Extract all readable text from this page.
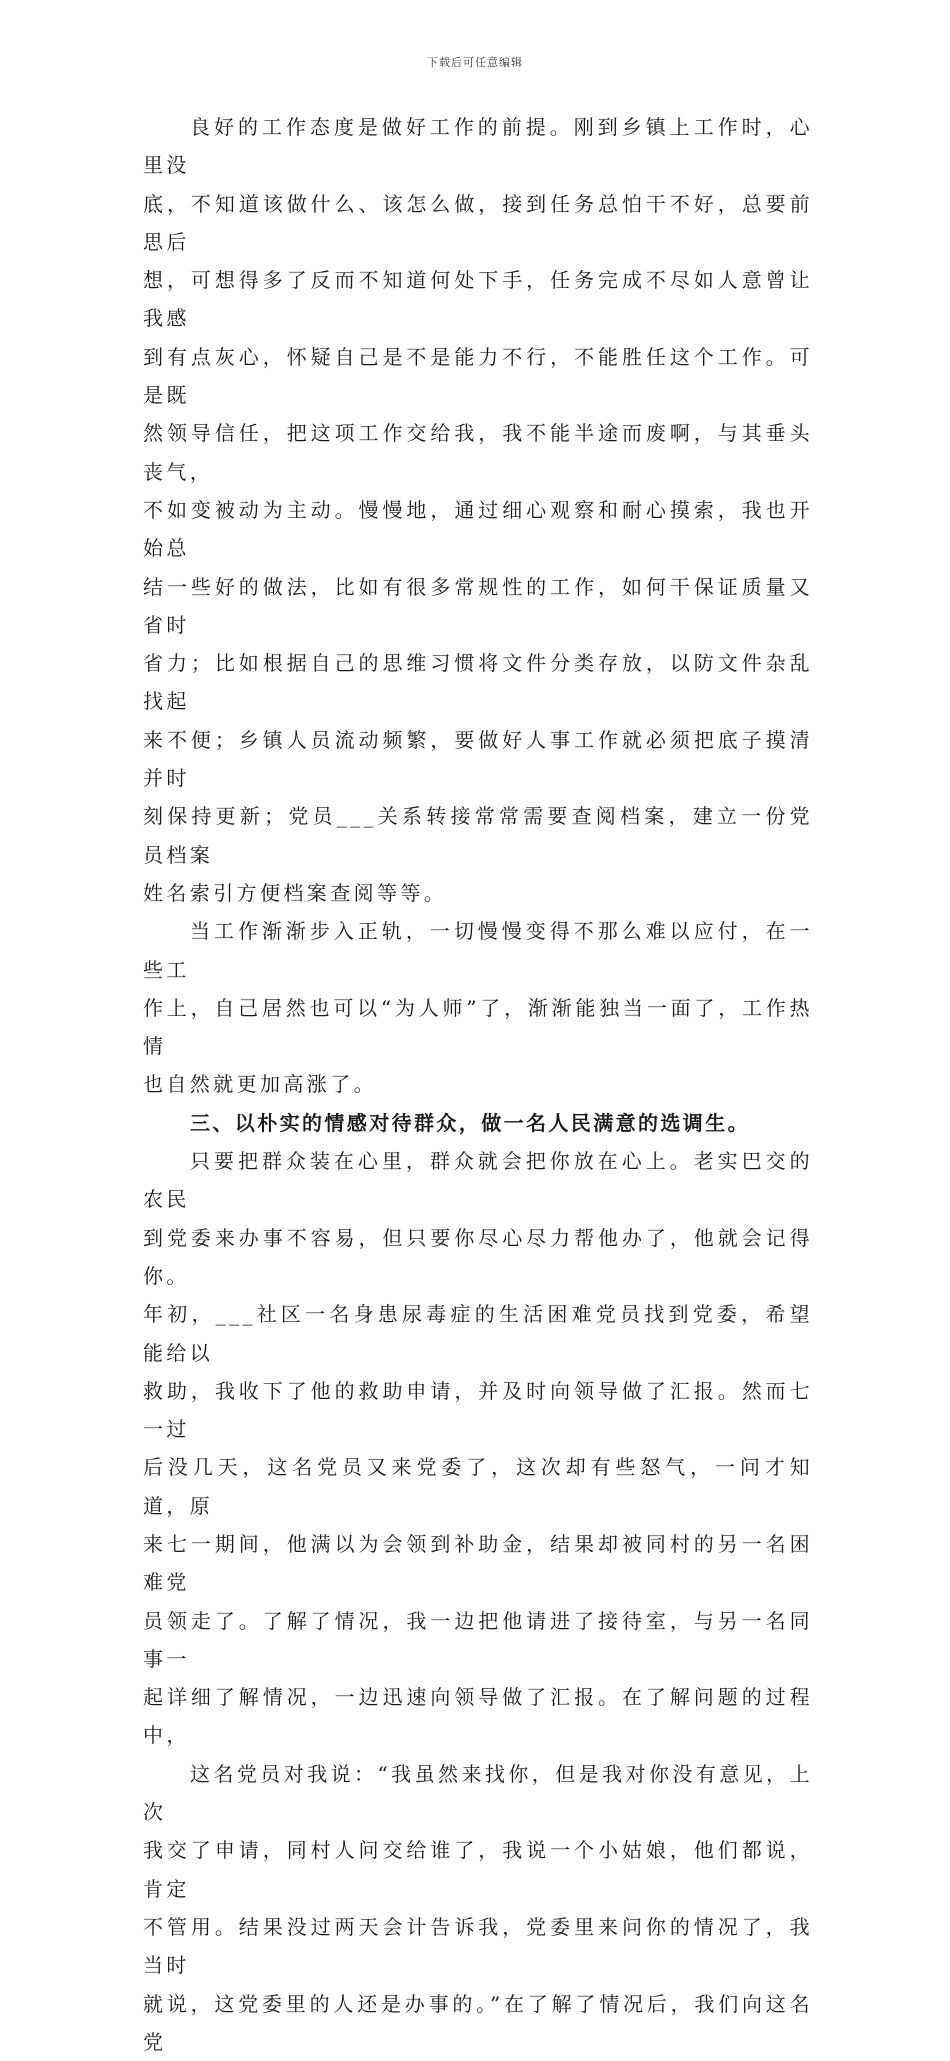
下载后可任意编辑

良好的工作态度是做好工作的前提。刚到乡镇上工作时，心里没
底，不知道该做什么、该怎么做，接到任务总怕干不好，总要前思后
想，可想得多了反而不知道何处下手，任务完成不尽如人意曾让我感
到有点灰心，怀疑自己是不是能力不行，不能胜任这个工作。可是既
然领导信任，把这项工作交给我，我不能半途而废啊，与其垂头丧气，
不如变被动为主动。慢慢地，通过细心观察和耐心摸索，我也开始总
结一些好的做法，比如有很多常规性的工作，如何干保证质量又省时
省力；比如根据自己的思维习惯将文件分类存放，以防文件杂乱找起
来不便；乡镇人员流动频繁，要做好人事工作就必须把底子摸清并时
刻保持更新；党员___关系转接常常需要查阅档案，建立一份党员档案
姓名索引方便档案查阅等等。

当工作渐渐步入正轨，一切慢慢变得不那么难以应付，在一些工
作上，自己居然也可以“为人师”了，渐渐能独当一面了，工作热情
也自然就更加高涨了。

三、以朴实的情感对待群众，做一名人民满意的选调生。

只要把群众装在心里，群众就会把你放在心上。老实巴交的农民
到党委来办事不容易，但只要你尽心尽力帮他办了，他就会记得你。
年初，___社区一名身患尿毒症的生活困难党员找到党委，希望能给以
救助，我收下了他的救助申请，并及时向领导做了汇报。然而七一过
后没几天，这名党员又来党委了，这次却有些怒气，一问才知道，原
来七一期间，他满以为会领到补助金，结果却被同村的另一名困难党
员领走了。了解了情况，我一边把他请进了接待室，与另一名同事一
起详细了解情况，一边迅速向领导做了汇报。在了解问题的过程中，

这名党员对我说：“我虽然来找你，但是我对你没有意见，上次
我交了申请，同村人问交给谁了，我说一个小姑娘，他们都说，肯定
不管用。结果没过两天会计告诉我，党委里来问你的情况了，我当时
就说，这党委里的人还是办事的。”在了解了情况后，我们向这名党
